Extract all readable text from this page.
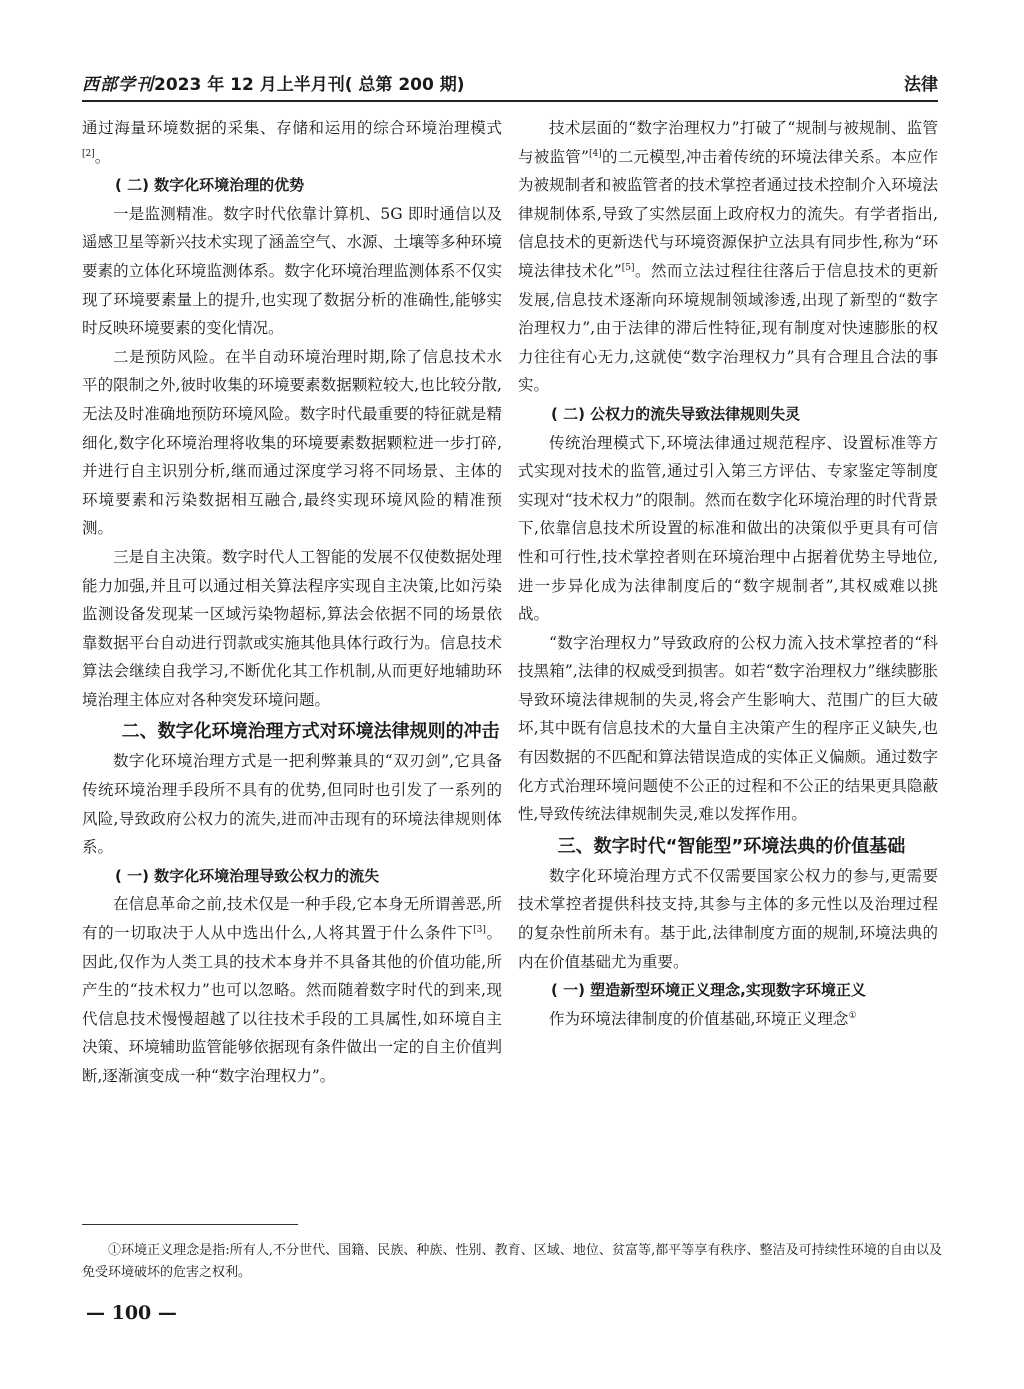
西部学刊2023 年 12 月上半月刊( 总第 200 期)	法律

通过海量环境数据的采集、存储和运用的综合环境治理模式[2]。

( 二) 数字化环境治理的优势

一是监测精准。数字时代依靠计算机、5G 即时通信以及遥感卫星等新兴技术实现了涵盖空气、水源、土壤等多种环境要素的立体化环境监测体系。数字化环境治理监测体系不仅实现了环境要素量上的提升,也实现了数据分析的准确性,能够实时反映环境要素的变化情况。

二是预防风险。在半自动环境治理时期,除了信息技术水平的限制之外,彼时收集的环境要素数据颗粒较大,也比较分散,无法及时准确地预防环境风险。数字时代最重要的特征就是精细化,数字化环境治理将收集的环境要素数据颗粒进一步打碎,并进行自主识别分析,继而通过深度学习将不同场景、主体的环境要素和污染数据相互融合,最终实现环境风险的精准预测。

三是自主决策。数字时代人工智能的发展不仅使数据处理能力加强,并且可以通过相关算法程序实现自主决策,比如污染监测设备发现某一区域污染物超标,算法会依据不同的场景依靠数据平台自动进行罚款或实施其他具体行政行为。信息技术算法会继续自我学习,不断优化其工作机制,从而更好地辅助环境治理主体应对各种突发环境问题。

二、数字化环境治理方式对环境法律规则的冲击

数字化环境治理方式是一把利弊兼具的“双刃剑”,它具备传统环境治理手段所不具有的优势,但同时也引发了一系列的风险,导致政府公权力的流失,进而冲击现有的环境法律规则体系。

( 一) 数字化环境治理导致公权力的流失

在信息革命之前,技术仅是一种手段,它本身无所谓善恶,所有的一切取决于人从中选出什么,人将其置于什么条件下[3]。因此,仅作为人类工具的技术本身并不具备其他的价值功能,所产生的“技术权力”也可以忽略。然而随着数字时代的到来,现代信息技术慢慢超越了以往技术手段的工具属性,如环境自主决策、环境辅助监管能够依据现有条件做出一定的自主价值判断,逐渐演变成一种“数字治理权力”。

技术层面的“数字治理权力”打破了“规制与被规制、监管与被监管”[4]的二元模型,冲击着传统的环境法律关系。本应作为被规制者和被监管者的技术掌控者通过技术控制介入环境法律规制体系,导致了实然层面上政府权力的流失。有学者指出,信息技术的更新迭代与环境资源保护立法具有同步性,称为“环境法律技术化”[5]。然而立法过程往往落后于信息技术的更新发展,信息技术逐渐向环境规制领域渗透,出现了新型的“数字治理权力”,由于法律的滞后性特征,现有制度对快速膨胀的权力往往有心无力,这就使“数字治理权力”具有合理且合法的事实。

( 二) 公权力的流失导致法律规则失灵

传统治理模式下,环境法律通过规范程序、设置标准等方式实现对技术的监管,通过引入第三方评估、专家鉴定等制度实现对“技术权力”的限制。然而在数字化环境治理的时代背景下,依靠信息技术所设置的标准和做出的决策似乎更具有可信性和可行性,技术掌控者则在环境治理中占据着优势主导地位,进一步异化成为法律制度后的“数字规制者”,其权威难以挑战。

“数字治理权力”导致政府的公权力流入技术掌控者的“科技黑箱”,法律的权威受到损害。如若“数字治理权力”继续膨胀导致环境法律规制的失灵,将会产生影响大、范围广的巨大破坏,其中既有信息技术的大量自主决策产生的程序正义缺失,也有因数据的不匹配和算法错误造成的实体正义偏颇。通过数字化方式治理环境问题使不公正的过程和不公正的结果更具隐蔽性,导致传统法律规制失灵,难以发挥作用。

三、数字时代“智能型”环境法典的价值基础

数字化环境治理方式不仅需要国家公权力的参与,更需要技术掌控者提供科技支持,其参与主体的多元性以及治理过程的复杂性前所未有。基于此,法律制度方面的规制,环境法典的内在价值基础尤为重要。

( 一) 塑造新型环境正义理念,实现数字环境正义

作为环境法律制度的价值基础,环境正义理念①

①环境正义理念是指:所有人,不分世代、国籍、民族、种族、性别、教育、区域、地位、贫富等,都平等享有秩序、整洁及可持续性环境的自由以及免受环境破坏的危害之权利。
— 100 —
